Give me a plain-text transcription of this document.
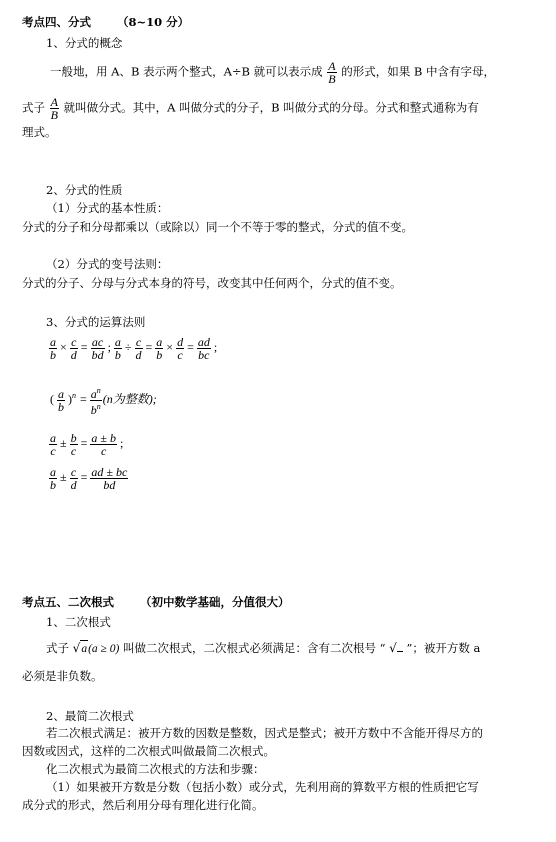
考点四、分式 （8~10 分）
1、分式的概念
一般地，用 A、B 表示两个整式，A÷B 就可以表示成 $\frac{A}{B}$ 的形式，如果 B 中含有字母，
式子 $\frac{A}{B}$ 就叫做分式。其中，A 叫做分式的分子，B 叫做分式的分母。分式和整式通称为有
理式。
2、分式的性质
（1）分式的基本性质：
分式的分子和分母都乘以（或除以）同一个不等于零的整式，分式的值不变。
（2）分式的变号法则：
分式的分子、分母与分式本身的符号，改变其中任何两个，分式的值不变。
3、分式的运算法则
$\frac{a}{b} \times \frac{c}{d} = \frac{ac}{bd}$ ; $\frac{a}{b} \div \frac{c}{d} = \frac{a}{b} \times \frac{d}{c} = \frac{ad}{bc}$ ;
( $\frac{a}{b} )^n = \frac{a^n}{b^n} (n$为整数);
$\frac{a}{c} \pm \frac{b}{c} = \frac{a \pm b}{c}$ ;
$\frac{a}{b} \pm \frac{c}{d} = \frac{ad \pm bc}{bd}$
考点五、二次根式 （初中数学基础，分值很大）
1、二次根式
式子 √a(a ≥ 0) 叫做二次根式，二次根式必须满足：含有二次根号 “ √ ”；被开方数 a
必须是非负数。
2、最简二次根式
若二次根式满足：被开方数的因数是整数，因式是整式；被开方数中不含能开得尽方的
因数或因式，这样的二次根式叫做最简二次根式。
化二次根式为最简二次根式的方法和步骤：
（1）如果被开方数是分数（包括小数）或分式，先利用商的算数平方根的性质把它写
成分式的形式，然后利用分母有理化进行化简。
